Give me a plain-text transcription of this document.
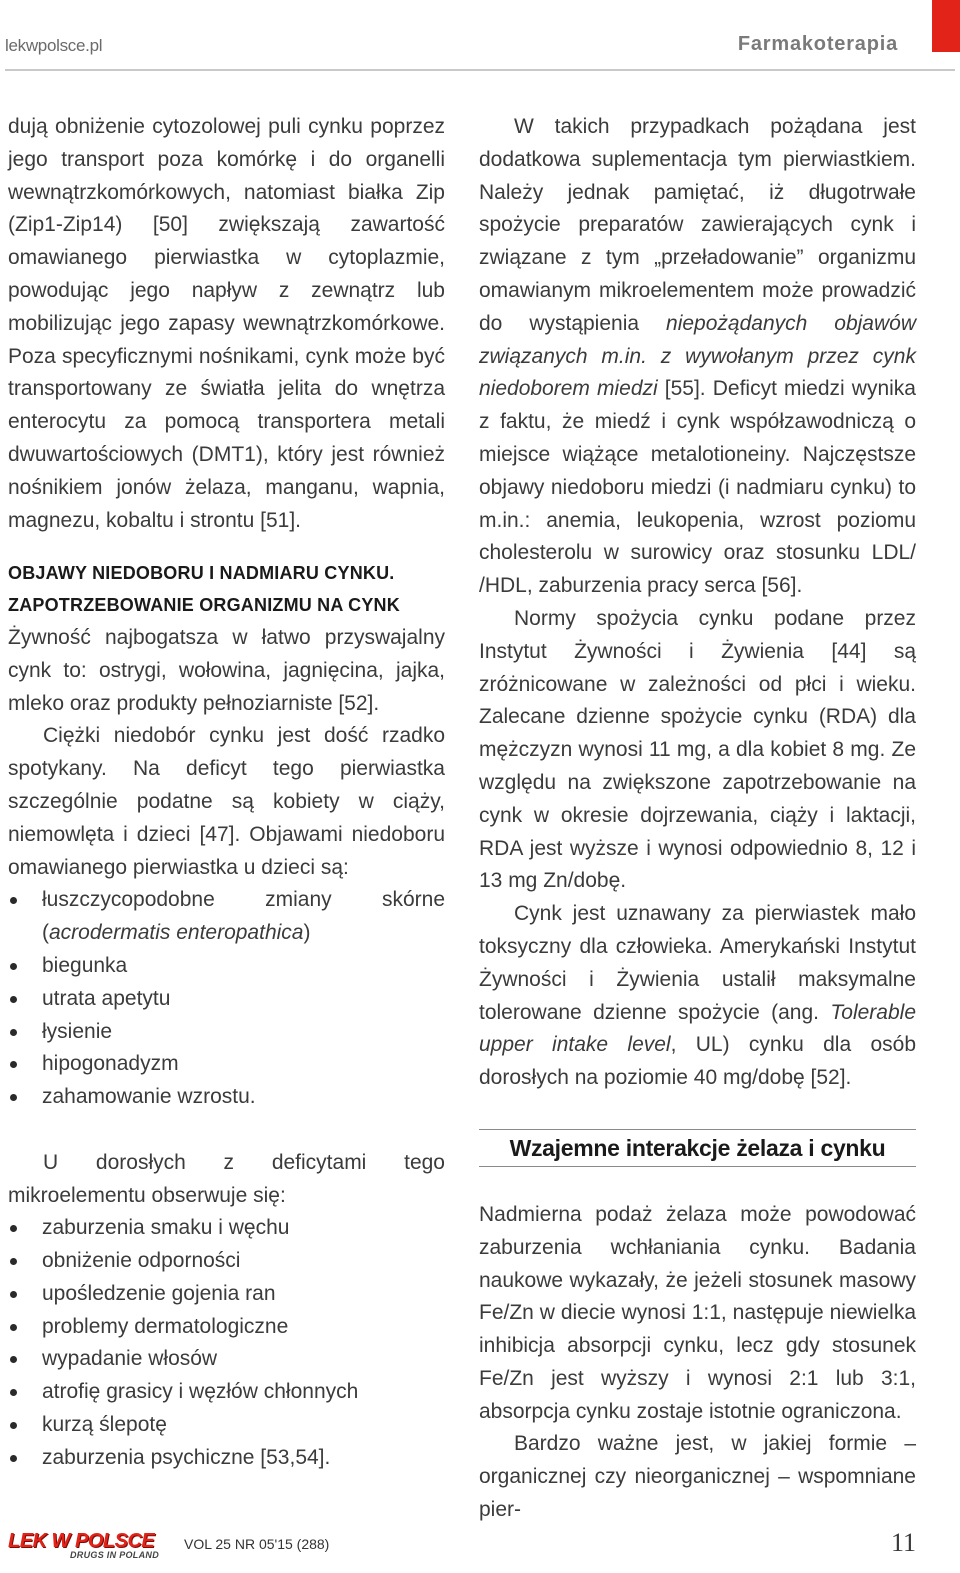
lekwpolsce.pl	Farmakoterapia

dują obniżenie cytozolowej puli cynku poprzez jego transport poza komórkę i do organelli wewnątrzkomórkowych, natomiast białka Zip (Zip1-Zip14) [50] zwiększają zawartość omawianego pierwiastka w cytoplazmie, powodując jego napływ z zewnątrz lub mobilizując jego zapasy wewnątrzkomórkowe. Poza specyficznymi nośnikami, cynk może być transportowany ze światła jelita do wnętrza enterocytu za pomocą transportera metali dwuwartościowych (DMT1), który jest również nośnikiem jonów żelaza, manganu, wapnia, magnezu, kobaltu i strontu [51].

OBJAWY NIEDOBORU I NADMIARU CYNKU.
ZAPOTRZEBOWANIE ORGANIZMU NA CYNK

Żywność najbogatsza w łatwo przyswajalny cynk to: ostrygi, wołowina, jagnięcina, jajka, mleko oraz produkty pełnoziarniste [52].

Ciężki niedobór cynku jest dość rzadko spotykany. Na deficyt tego pierwiastka szczególnie podatne są kobiety w ciąży, niemowlęta i dzieci [47]. Objawami niedoboru omawianego pierwiastka u dzieci są:

łuszczycopodobne zmiany skórne (acrodermatis enteropathica)
biegunka
utrata apetytu
łysienie
hipogonadyzm
zahamowanie wzrostu.

U dorosłych z deficytami tego mikroelementu obserwuje się:

zaburzenia smaku i węchu
obniżenie odporności
upośledzenie gojenia ran
problemy dermatologiczne
wypadanie włosów
atrofię grasicy i węzłów chłonnych
kurzą ślepotę
zaburzenia psychiczne [53,54].

W takich przypadkach pożądana jest dodatkowa suplementacja tym pierwiastkiem. Należy jednak pamiętać, iż długotrwałe spożycie preparatów zawierających cynk i związane z tym „przeładowanie” organizmu omawianym mikroelementem może prowadzić do wystąpienia niepożądanych objawów związanych m.in. z wywołanym przez cynk niedoborem miedzi [55]. Deficyt miedzi wynika z faktu, że miedź i cynk współzawodniczą o miejsce wiążące metalotioneiny. Najczęstsze objawy niedoboru miedzi (i nadmiaru cynku) to m.in.: anemia, leukopenia, wzrost poziomu cholesterolu w surowicy oraz stosunku LDL/ /HDL, zaburzenia pracy serca [56].

Normy spożycia cynku podane przez Instytut Żywności i Żywienia [44] są zróżnicowane w zależności od płci i wieku. Zalecane dzienne spożycie cynku (RDA) dla mężczyzn wynosi 11 mg, a dla kobiet 8 mg. Ze względu na zwiększone zapotrzebowanie na cynk w okresie dojrzewania, ciąży i laktacji, RDA jest wyższe i wynosi odpowiednio 8, 12 i 13 mg Zn/dobę.

Cynk jest uznawany za pierwiastek mało toksyczny dla człowieka. Amerykański Instytut Żywności i Żywienia ustalił maksymalne tolerowane dzienne spożycie (ang. Tolerable upper intake level, UL) cynku dla osób dorosłych na poziomie 40 mg/dobę [52].

Wzajemne interakcje żelaza i cynku

Nadmierna podaż żelaza może powodować zaburzenia wchłaniania cynku. Badania naukowe wykazały, że jeżeli stosunek masowy Fe/Zn w diecie wynosi 1:1, następuje niewielka inhibicja absorpcji cynku, lecz gdy stosunek Fe/Zn jest wyższy i wynosi 2:1 lub 3:1, absorpcja cynku zostaje istotnie ograniczona.

Bardzo ważne jest, w jakiej formie – organicznej czy nieorganicznej – wspomniane pier-

LEK W POLSCE
DRUGS IN POLAND
VOL 25 NR 05'15 (288)	11
